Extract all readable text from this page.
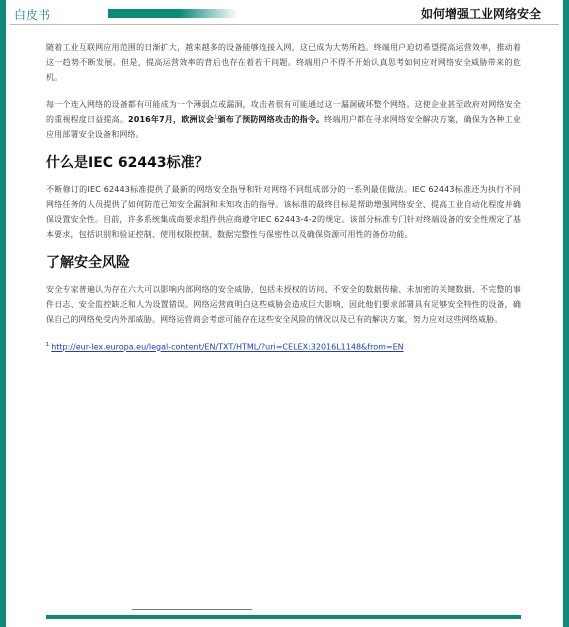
白皮书	如何增强工业网络安全

随着工业互联网应用范围的日渐扩大，越来越多的设备能够连接入网，这已成为大势所趋。终端用户迫切希望提高运营效率，推动着这一趋势不断发展。但是，提高运营效率的背后也存在着若干问题。终端用户不得不开始认真思考如何应对网络安全威胁带来的危机。

每一个连入网络的设备都有可能成为一个薄弱点或漏洞，攻击者很有可能通过这一漏洞破坏整个网络。这使企业甚至政府对网络安全的重视程度日益提高。2016年7月，欧洲议会$^1$颁布了预防网络攻击的指令。终端用户都在寻求网络安全解决方案，确保为各种工业应用部署安全设备和网络。

什么是IEC 62443标准？

不断修订的IEC 62443标准提供了最新的网络安全指导和针对网络不同组成部分的一系列最佳做法。IEC 62443标准还为执行不同网络任务的人员提供了如何防范已知安全漏洞和未知攻击的指导。该标准的最终目标是帮助增强网络安全、提高工业自动化程度并确保设置安全性。目前，许多系统集成商要求组件供应商遵守IEC 62443-4-2的规定。该部分标准专门针对终端设备的安全性规定了基本要求，包括识别和验证控制、使用权限控制、数据完整性与保密性以及确保资源可用性的备份功能。

了解安全风险

安全专家普遍认为存在六大可以影响内部网络的安全威胁，包括未授权的访问、不安全的数据传输、未加密的关键数据、不完整的事件日志、安全监控缺乏和人为设置错误。网络运营商明白这些威胁会造成巨大影响，因此他们要求部署具有足够安全特性的设备，确保自己的网络免受内外部威胁。网络运营商会考虑可能存在这些安全风险的情况以及已有的解决方案，努力应对这些网络威胁。

$^1$ http://eur-lex.europa.eu/legal-content/EN/TXT/HTML/?uri=CELEX:32016L1148&from=EN
